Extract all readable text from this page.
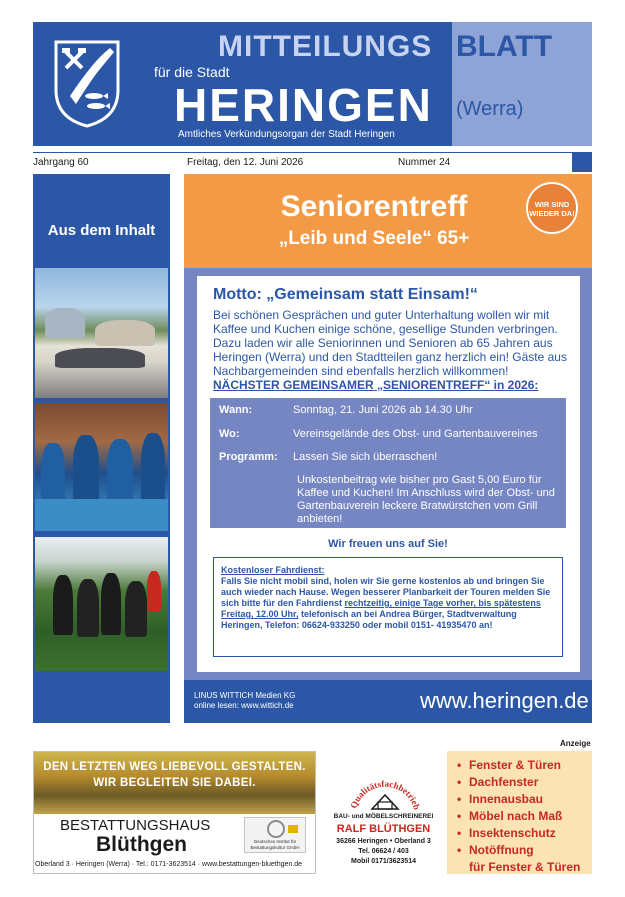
MITTEILUNGS BLATT
für die Stadt
HERINGEN (Werra)
Amtliches Verkündungsorgan der Stadt Heringen
Jahrgang 60	Freitag, den 12. Juni 2026	Nummer 24
Aus dem Inhalt
Seniorentreff
„Leib und Seele“ 65+
WIR SIND
WIEDER DA!
Motto: „Gemeinsam statt Einsam!“
Bei schönen Gesprächen und guter Unterhaltung wollen wir mit Kaffee und Kuchen einige schöne, gesellige Stunden verbringen. Dazu laden wir alle Seniorinnen und Senioren ab 65 Jahren aus Heringen (Werra) und den Stadtteilen ganz herzlich ein! Gäste aus Nachbargemeinden sind ebenfalls herzlich willkommen!
NÄCHSTER GEMEINSAMER „SENIORENTREFF“ in 2026:
Wann:	Sonntag, 21. Juni 2026 ab 14.30 Uhr
Wo:	Vereinsgelände des Obst- und Gartenbauvereines
Programm: Lassen Sie sich überraschen!
Unkostenbeitrag wie bisher pro Gast 5,00 Euro für Kaffee und Kuchen! Im Anschluss wird der Obst- und Gartenbauverein leckere Bratwürstchen vom Grill anbieten!
Wir freuen uns auf Sie!
Kostenloser Fahrdienst:
Falls Sie nicht mobil sind, holen wir Sie gerne kostenlos ab und bringen Sie auch wieder nach Hause. Wegen besserer Planbarkeit der Touren melden Sie sich bitte für den Fahrdienst rechtzeitig, einige Tage vorher, bis spätestens Freitag, 12.00 Uhr, telefonisch an bei Andrea Bürger, Stadtverwaltung Heringen, Telefon: 06624-933250 oder mobil 0151- 41935470 an!
LINUS WITTICH Medien KG
online lesen: www.wittich.de	www.heringen.de
Anzeige
DEN LETZTEN WEG LIEBEVOLL GESTALTEN.
WIR BEGLEITEN SIE DABEI.
BESTATTUNGSHAUS
Blüthgen	Deutsches Institut für Bestattungskultur GmbH
Oberland 3 · Heringen (Werra) · Tel.: 0171-3623514 · www.bestattungen-bluethgen.de
Qualitätsfachbetrieb
BAU- und MÖBELSCHREINEREI
RALF BLÜTHGEN
36266 Heringen • Oberland 3
Tel. 06624 / 403
Mobil 0171/3623514
• Fenster & Türen
• Dachfenster
• Innenausbau
• Möbel nach Maß
• Insektenschutz
• Notöffnung
für Fenster & Türen
